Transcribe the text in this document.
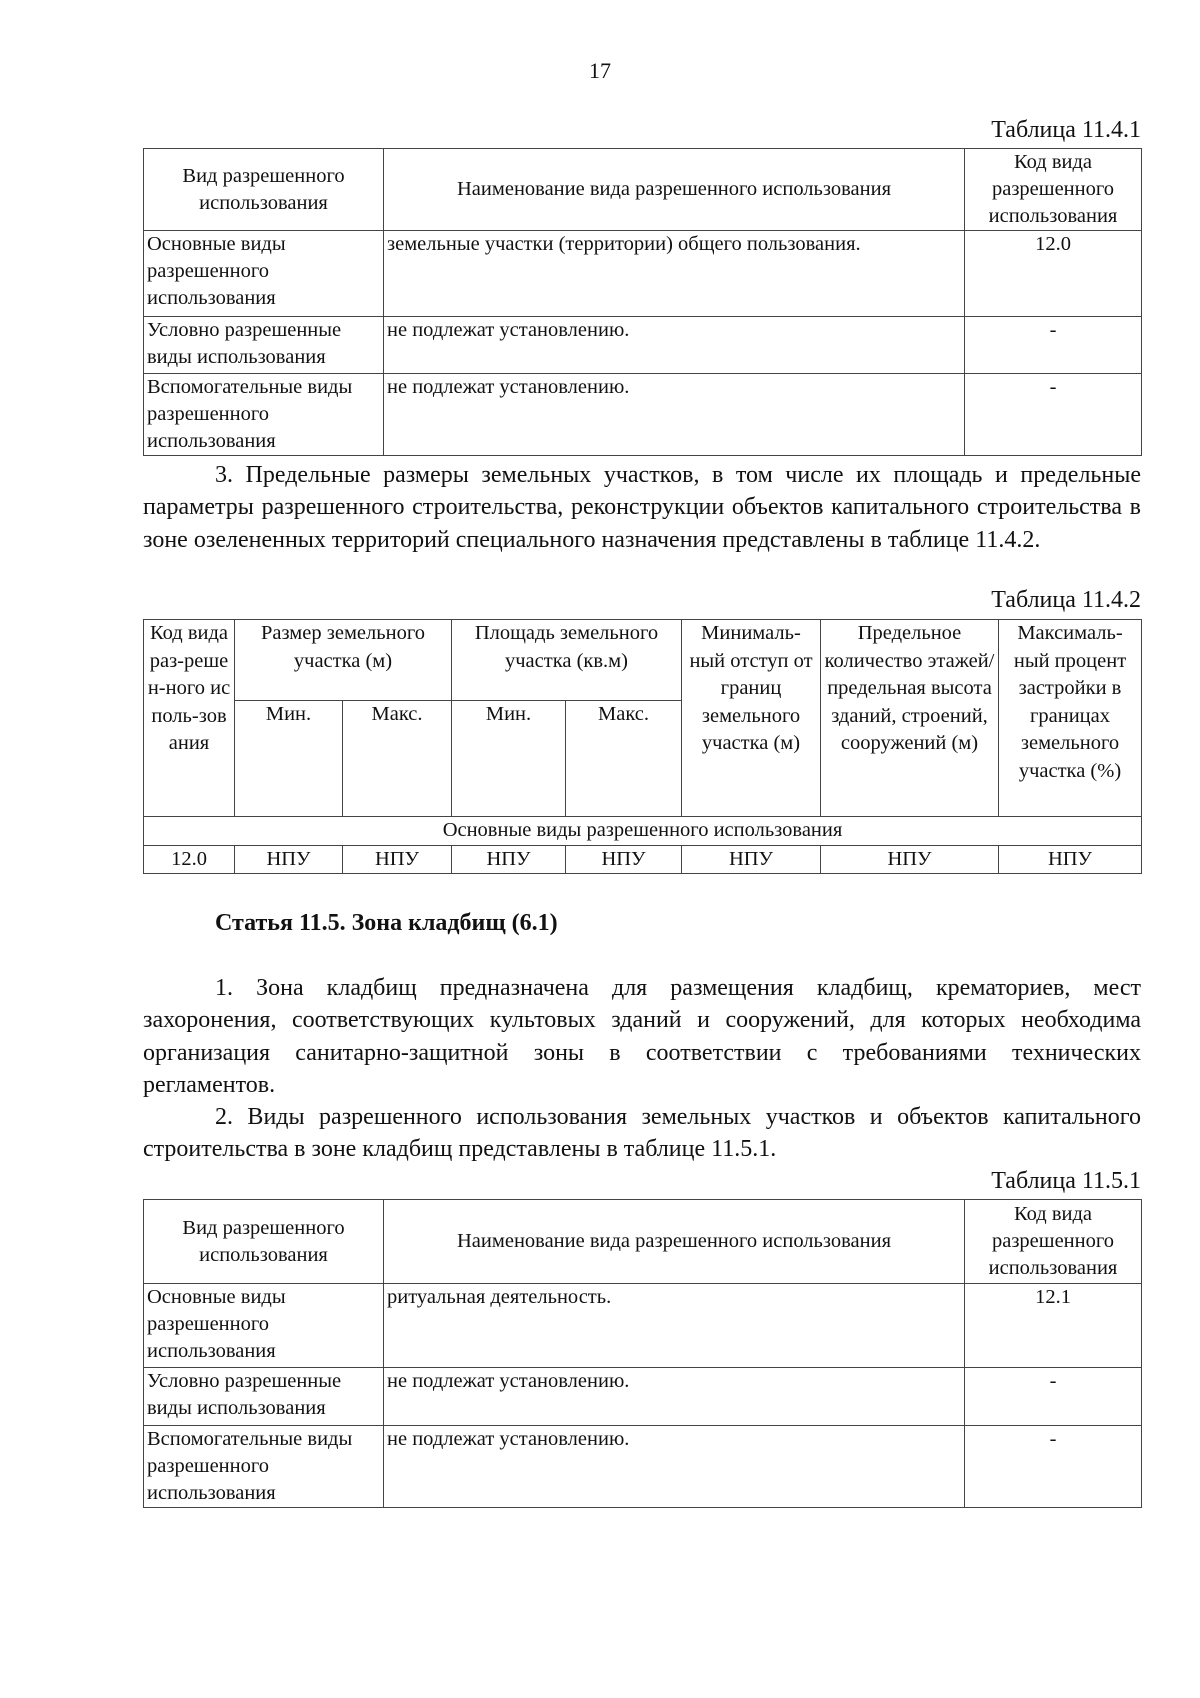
17
Таблица 11.4.1
Вид разрешенного использования	Наименование вида разрешенного использования	Код вида разрешенного использования
Основные виды разрешенного использования	земельные участки (территории) общего пользования.	12.0
Условно разрешенные виды использования	не подлежат установлению.	-
Вспомогательные виды разрешенного использования	не подлежат установлению.	-

3. Предельные размеры земельных участков, в том числе их площадь и предельные параметры разрешенного строительства, реконструкции объектов капитального строительства в зоне озелененных территорий специального назначения представлены в таблице 11.4.2.

Таблица 11.4.2
Код вида раз-решен-ного исполь-зования	Размер земельного участка (м)		Площадь земельного участка (кв.м)		Минималь-ный отступ от границ земельного участка (м)	Предельное количество этажей/ предельная высота зданий, строений, сооружений (м)	Максималь-ный процент застройки в границах земельного участка (%)
	Мин.	Макс.	Мин.	Макс.			
Основные виды разрешенного использования							
12.0	НПУ	НПУ	НПУ	НПУ	НПУ	НПУ	НПУ
Статья 11.5. Зона кладбищ (6.1)

1. Зона кладбищ предназначена для размещения кладбищ, крематориев, мест захоронения, соответствующих культовых зданий и сооружений, для которых необходима организация санитарно-защитной зоны в соответствии с требованиями технических регламентов.

2. Виды разрешенного использования земельных участков и объектов капитального строительства в зоне кладбищ представлены в таблице 11.5.1.

Таблица 11.5.1
Вид разрешенного использования	Наименование вида разрешенного использования	Код вида разрешенного использования
Основные виды разрешенного использования	ритуальная деятельность.	12.1
Условно разрешенные виды использования	не подлежат установлению.	-
Вспомогательные виды разрешенного использования	не подлежат установлению.	-
